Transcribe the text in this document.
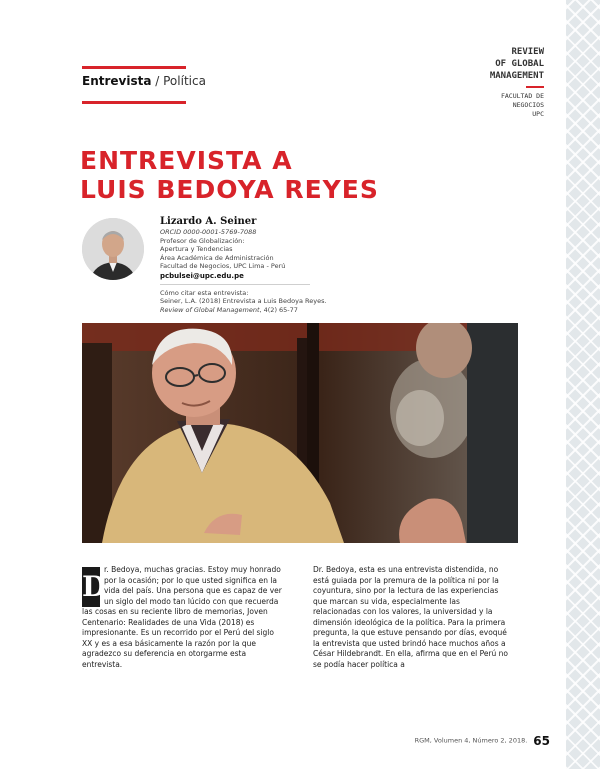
Entrevista / Política
REVIEW
OF GLOBAL
MANAGEMENT
FACULTAD DE
NEGOCIOS
UPC
ENTREVISTA A
LUIS BEDOYA REYES
Lizardo A. Seiner
ORCID 0000-0001-5769-7088
Profesor de Globalización:
Apertura y Tendencias
Área Académica de Administración
Facultad de Negocios, UPC Lima - Perú
pcbulsei@upc.edu.pe
Cómo citar esta entrevista:
Seiner, L.A. (2018) Entrevista a Luis Bedoya Reyes.
Review of Global Management, 4(2) 65-77
D

r. Bedoya, muchas gracias. Estoy muy honrado por la ocasión; por lo que usted significa en la vida del país. Una persona que es capaz de ver un siglo del modo tan lúcido con que recuerda las cosas en su reciente libro de memorias, Joven Centenario: Realidades de una Vida (2018) es impresionante. Es un recorrido por el Perú del siglo XX y es a esa básicamente la razón por la que agradezco su deferencia en otorgarme esta entrevista.

Dr. Bedoya, esta es una entrevista distendida, no está guiada por la premura de la política ni por la coyuntura, sino por la lectura de las experiencias que marcan su vida, especialmente las relacionadas con los valores, la universidad y la dimensión ideológica de la política. Para la primera pregunta, la que estuve pensando por días, evoqué la entrevista que usted brindó hace muchos años a César Hildebrandt. En ella, afirma que en el Perú no se podía hacer política a

RGM, Volumen 4, Número 2, 2018. 65
